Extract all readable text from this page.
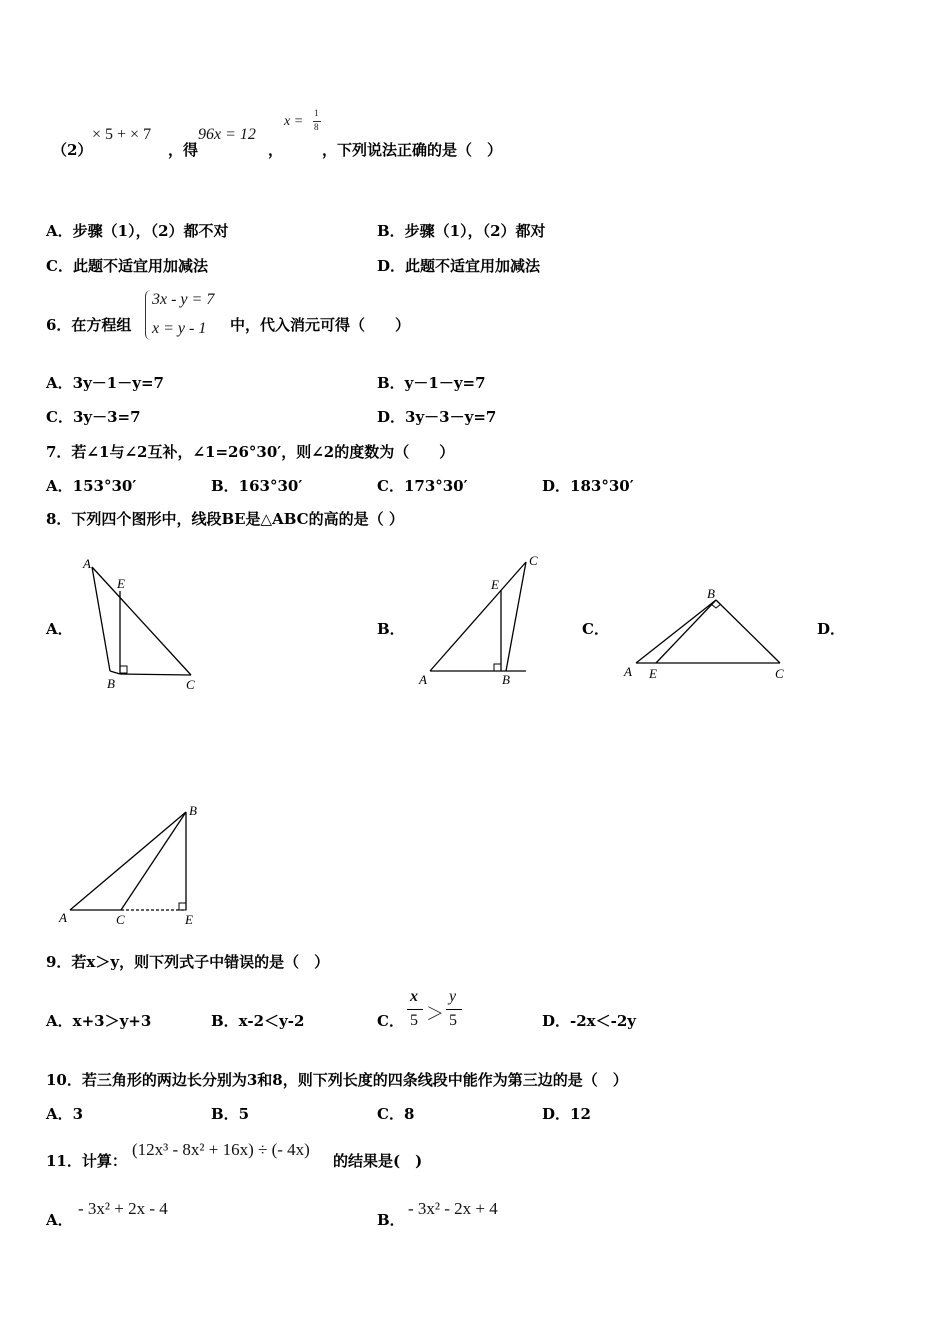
（2）
× 5 + × 7
，得
96x = 12
，
x =
1
8
，下列说法正确的是（　）
A．步骤（1），（2）都不对	B．步骤（1），（2）都对
C．此题不适宜用加减法	D．此题不适宜用加减法
6．在方程组
3x - y = 7
x = y - 1 中，代入消元可得（　　）
A．3y－1－y=7	B．y－1－y=7
C．3y－3=7	D．3y－3－y=7
7．若∠1与∠2互补，∠1=26°30′，则∠2的度数为（　　）
A．153°30′	B．163°30′	C．173°30′	D．183°30′
8．下列四个图形中，线段BE是△ABC的高的是（ ）
A．
A
E
B	C
B．
A
E
B
C
C．
A E
B
C
D．
A	C
B
E
9．若x＞y，则下列式子中错误的是（　）
A．x+3＞y+3	B．x-2＜y-2	C．
x
5 ＞
y
5	D．-2x＜-2y
10．若三角形的两边长分别为3和8，则下列长度的四条线段中能作为第三边的是（　）
A．3	B．5	C．8	D．12
11．计算：
(12x³ - 8x² + 16x) ÷ (- 4x)
的结果是(　)
A．
- 3x² + 2x - 4
B．
- 3x² - 2x + 4
